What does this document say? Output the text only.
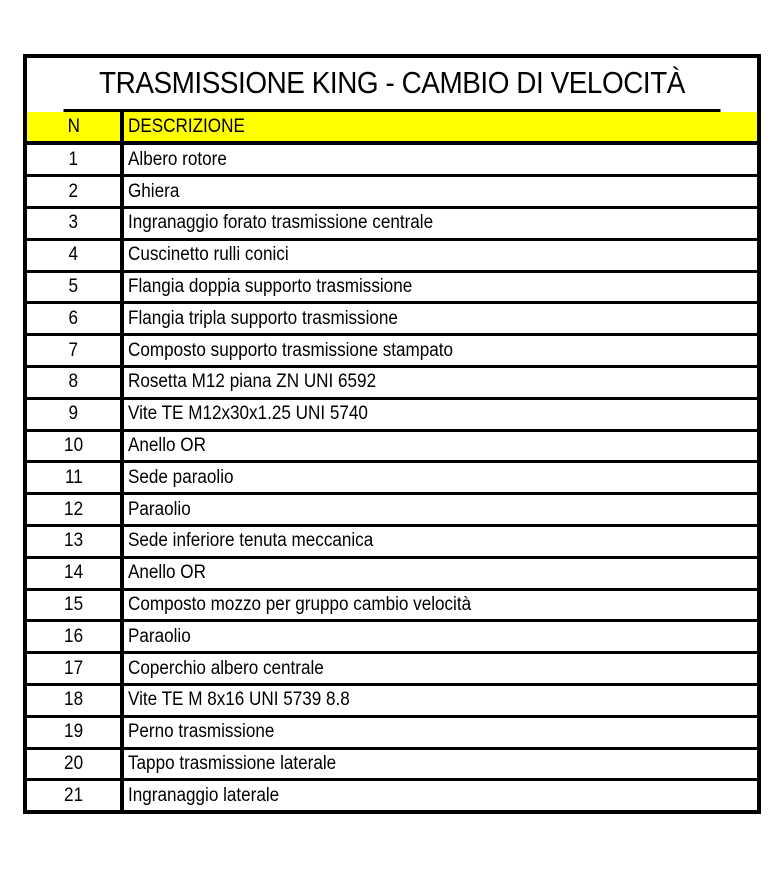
TRASMISSIONE KING - CAMBIO DI VELOCITÀ
N	DESCRIZIONE
1	Albero rotore
2	Ghiera
3	Ingranaggio forato trasmissione centrale
4	Cuscinetto rulli conici
5	Flangia doppia supporto trasmissione
6	Flangia tripla supporto trasmissione
7	Composto supporto trasmissione stampato
8	Rosetta M12 piana ZN UNI 6592
9	Vite TE M12x30x1.25 UNI 5740
10 Anello OR
11 Sede paraolio
12 Paraolio
13 Sede inferiore tenuta meccanica
14 Anello OR
15 Composto mozzo per gruppo cambio velocità
16 Paraolio
17 Coperchio albero centrale
18 Vite TE M 8x16 UNI 5739 8.8
19 Perno trasmissione
20 Tappo trasmissione laterale
21 Ingranaggio laterale
